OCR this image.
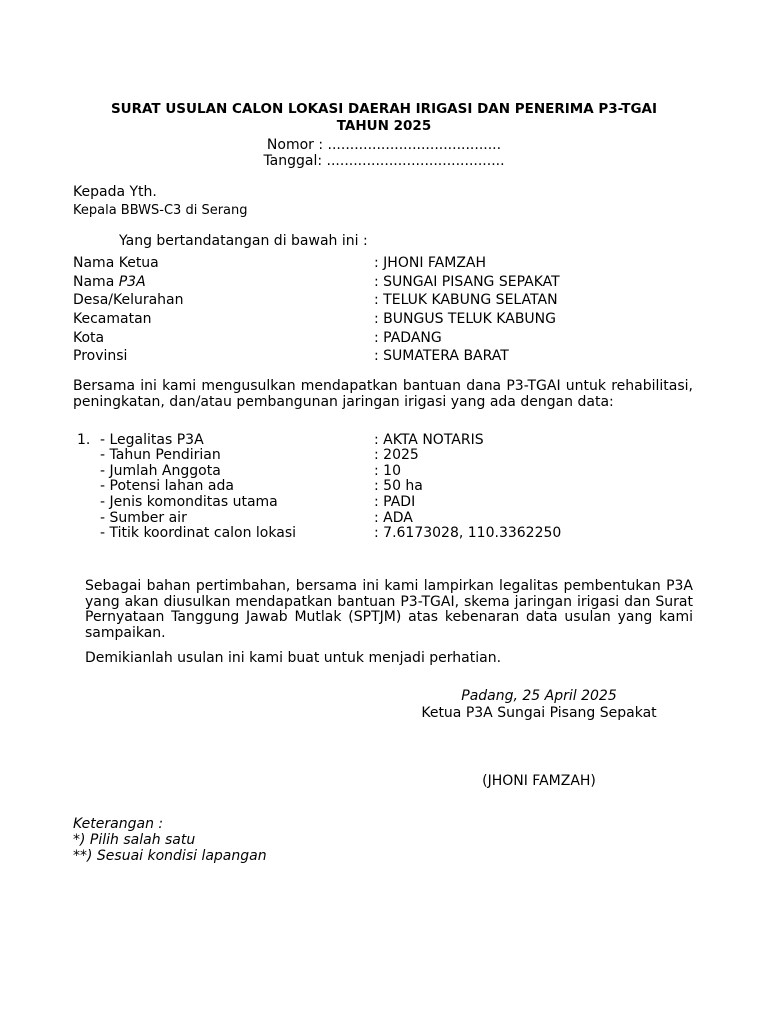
SURAT USULAN CALON LOKASI DAERAH IRIGASI DAN PENERIMA P3-TGAI
TAHUN 2025
Nomor : .......................................
Tanggal: ........................................
Kepada Yth.
Kepala BBWS-C3 di Serang
Yang bertandatangan di bawah ini :
Nama Ketua	: JHONI FAMZAH
Nama P3A	: SUNGAI PISANG SEPAKAT
Desa/Kelurahan	: TELUK KABUNG SELATAN
Kecamatan	: BUNGUS TELUK KABUNG
Kota	: PADANG
Provinsi	: SUMATERA BARAT
Bersama ini kami mengusulkan mendapatkan bantuan dana P3-TGAI untuk rehabilitasi, peningkatan, dan/atau pembangunan jaringan irigasi yang ada dengan data:
1. - Legalitas P3A	: AKTA NOTARIS
- Tahun Pendirian	: 2025
- Jumlah Anggota	: 10
- Potensi lahan ada	: 50 ha
- Jenis komonditas utama	: PADI
- Sumber air	: ADA
- Titik koordinat calon lokasi	: 7.6173028, 110.3362250
Sebagai bahan pertimbahan, bersama ini kami lampirkan legalitas pembentukan P3A yang akan diusulkan mendapatkan bantuan P3-TGAI, skema jaringan irigasi dan Surat Pernyataan Tanggung Jawab Mutlak (SPTJM) atas kebenaran data usulan yang kami sampaikan.
Demikianlah usulan ini kami buat untuk menjadi perhatian.
Padang, 25 April 2025
Ketua P3A Sungai Pisang Sepakat
(JHONI FAMZAH)
Keterangan :
*) Pilih salah satu
**) Sesuai kondisi lapangan
